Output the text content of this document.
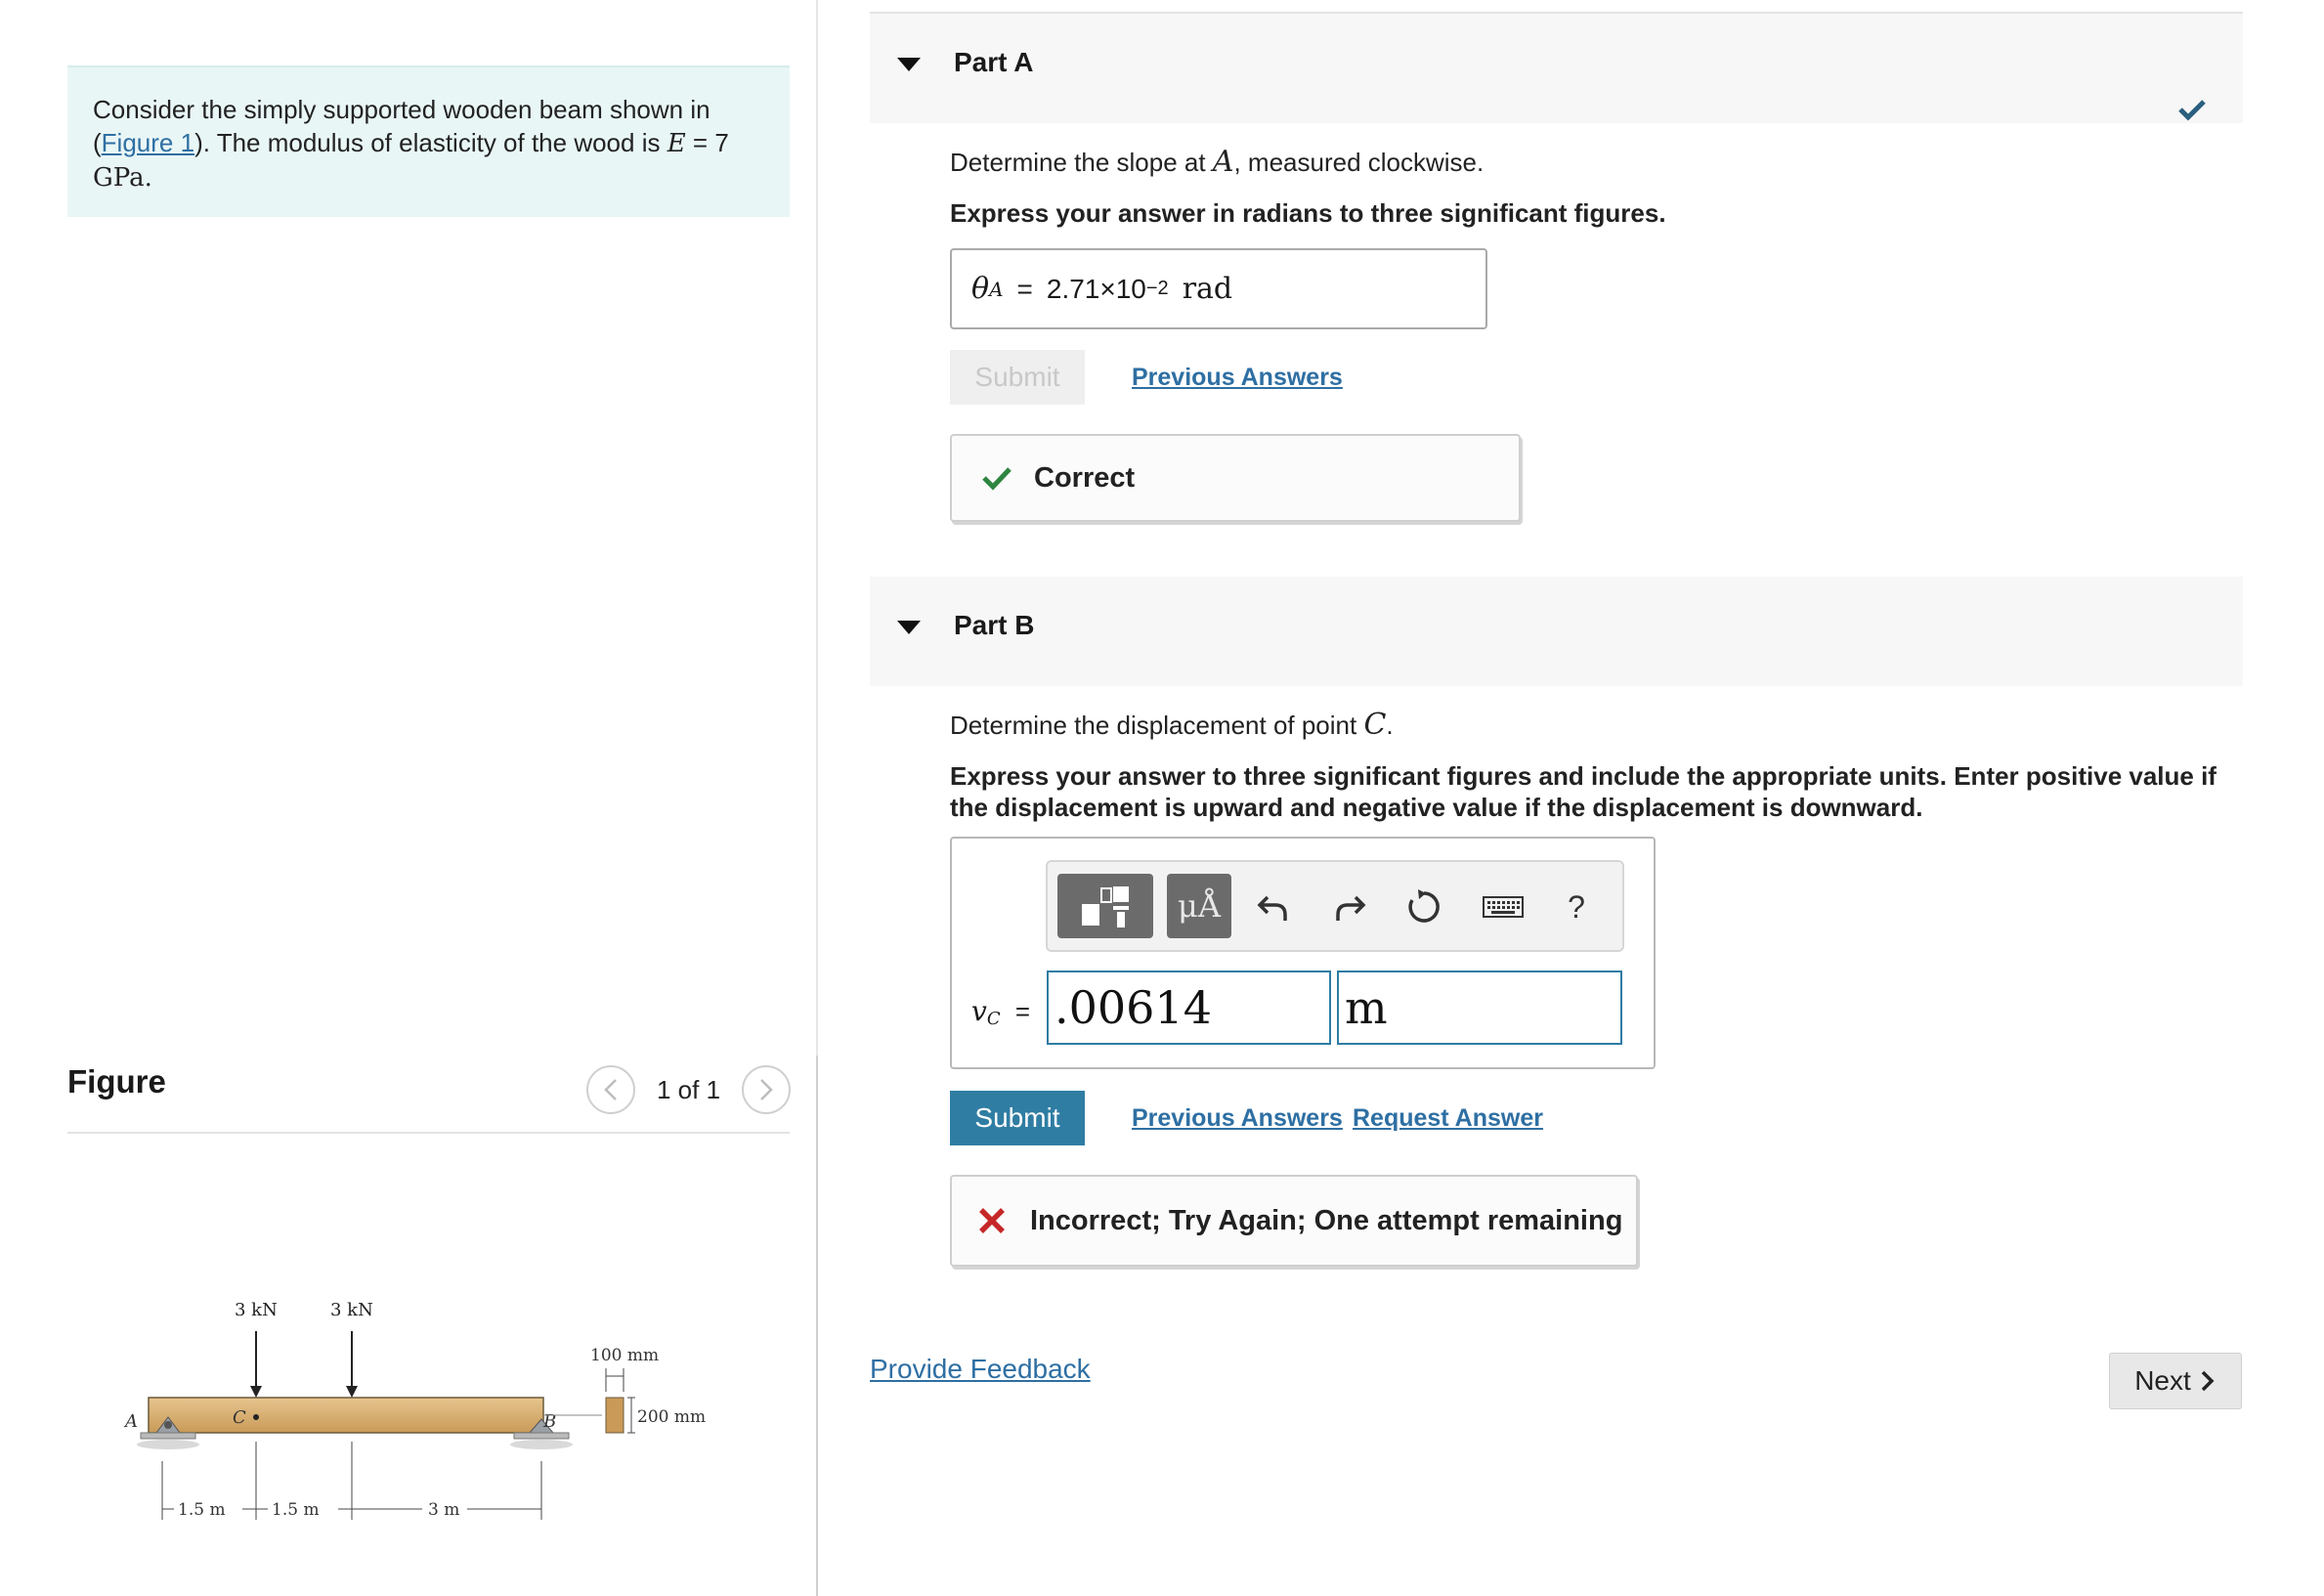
Consider the simply supported wooden beam shown in (Figure 1). The modulus of elasticity of the wood is E = 7
GPa.
Figure	1 of 1
3 kN	3 kN
A	C	B
100 mm
200 mm
1.5 m	1.5 m	3 m
Part A
Determine the slope at A, measured clockwise.
Express your answer in radians to three significant figures.
θ A = 2.71×10 −2 rad
Submit	Previous Answers
Correct
Part B
Determine the displacement of point C.
Express your answer to three significant figures and include the appropriate units. Enter positive value if the displacement is upward and negative value if the displacement is downward.
μÅ	?
$v_C = .00614$	m
Submit	Previous Answers Request Answer
Incorrect; Try Again; One attempt remaining
Provide Feedback	Next
